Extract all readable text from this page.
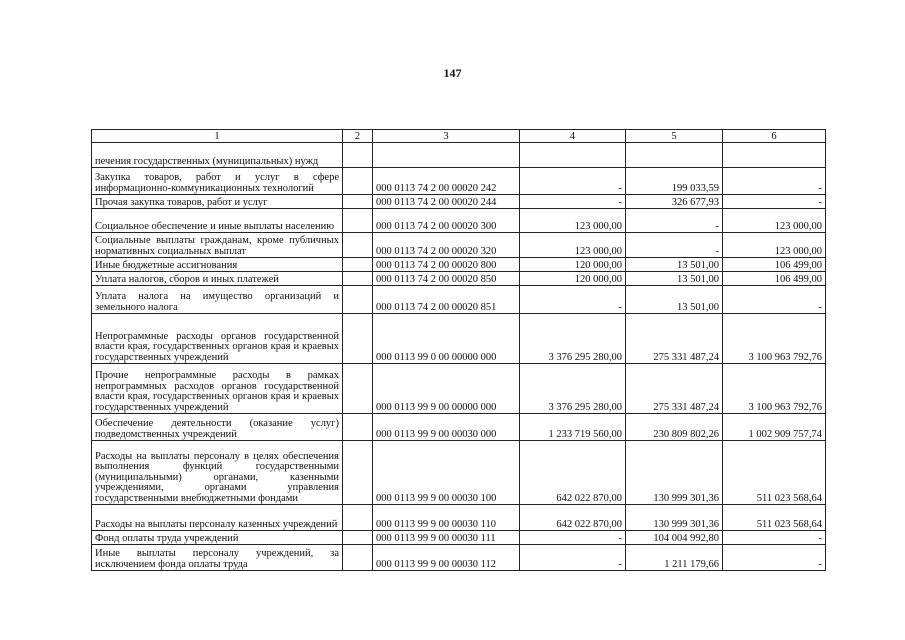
147
1	2	3	4	5	6
печения государственных (муниципальных) нужд					
Закупка товаров, работ и услуг в сфере информационно-коммуникационных технологий		000 0113 74 2 00 00020 242	-	199 033,59	-
Прочая закупка товаров, работ и услуг		000 0113 74 2 00 00020 244	-	326 677,93	-
Социальное обеспечение и иные выплаты населению		000 0113 74 2 00 00020 300	123 000,00	-	123 000,00
Социальные выплаты гражданам, кроме публичных нормативных социальных выплат		000 0113 74 2 00 00020 320	123 000,00	-	123 000,00
Иные бюджетные ассигнования		000 0113 74 2 00 00020 800	120 000,00	13 501,00	106 499,00
Уплата налогов, сборов и иных платежей		000 0113 74 2 00 00020 850	120 000,00	13 501,00	106 499,00
Уплата налога на имущество организаций и земельного налога		000 0113 74 2 00 00020 851	-	13 501,00	-
Непрограммные расходы органов государственной власти края, государственных органов края и краевых государственных учреждений		000 0113 99 0 00 00000 000	3 376 295 280,00	275 331 487,24	3 100 963 792,76
Прочие непрограммные расходы в рамках непрограммных расходов органов государственной власти края, государственных органов края и краевых государственных учреждений		000 0113 99 9 00 00000 000	3 376 295 280,00	275 331 487,24	3 100 963 792,76
Обеспечение деятельности (оказание услуг) подведомственных учреждений		000 0113 99 9 00 00030 000	1 233 719 560,00	230 809 802,26	1 002 909 757,74
Расходы на выплаты персоналу в целях обеспечения выполнения функций государственными (муниципальными) органами, казенными учреждениями, органами управления государственными внебюджетными фондами		000 0113 99 9 00 00030 100	642 022 870,00	130 999 301,36	511 023 568,64
Расходы на выплаты персоналу казенных учреждений		000 0113 99 9 00 00030 110	642 022 870,00	130 999 301,36	511 023 568,64
Фонд оплаты труда учреждений		000 0113 99 9 00 00030 111	-	104 004 992,80	-
Иные выплаты персоналу учреждений, за исключением фонда оплаты труда		000 0113 99 9 00 00030 112	-	1 211 179,66	-
